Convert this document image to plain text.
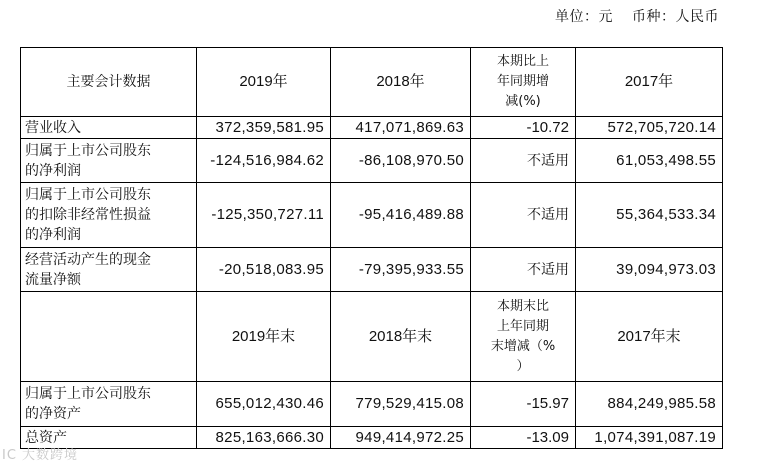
单位：元 币种：人民币
主要会计数据	2019年	2018年	本期比上
年同期增
减(%)	2017年
营业收入	372,359,581.95	417,071,869.63	-10.72	572,705,720.14
归属于上市公司股东
的净利润	-124,516,984.62	-86,108,970.50	不适用	61,053,498.55
归属于上市公司股东
的扣除非经常性损益
的净利润	-125,350,727.11	-95,416,489.88	不适用	55,364,533.34
经营活动产生的现金
流量净额	-20,518,083.95	-79,395,933.55	不适用	39,094,973.03
	2019年末	2018年末	本期末比
上年同期
末增减（%
）	2017年末
归属于上市公司股东
的净资产	655,012,430.46	779,529,415.08	-15.97	884,249,985.58
总资产	825,163,666.30	949,414,972.25	-13.09	1,074,391,087.19
IC 大数跨境
